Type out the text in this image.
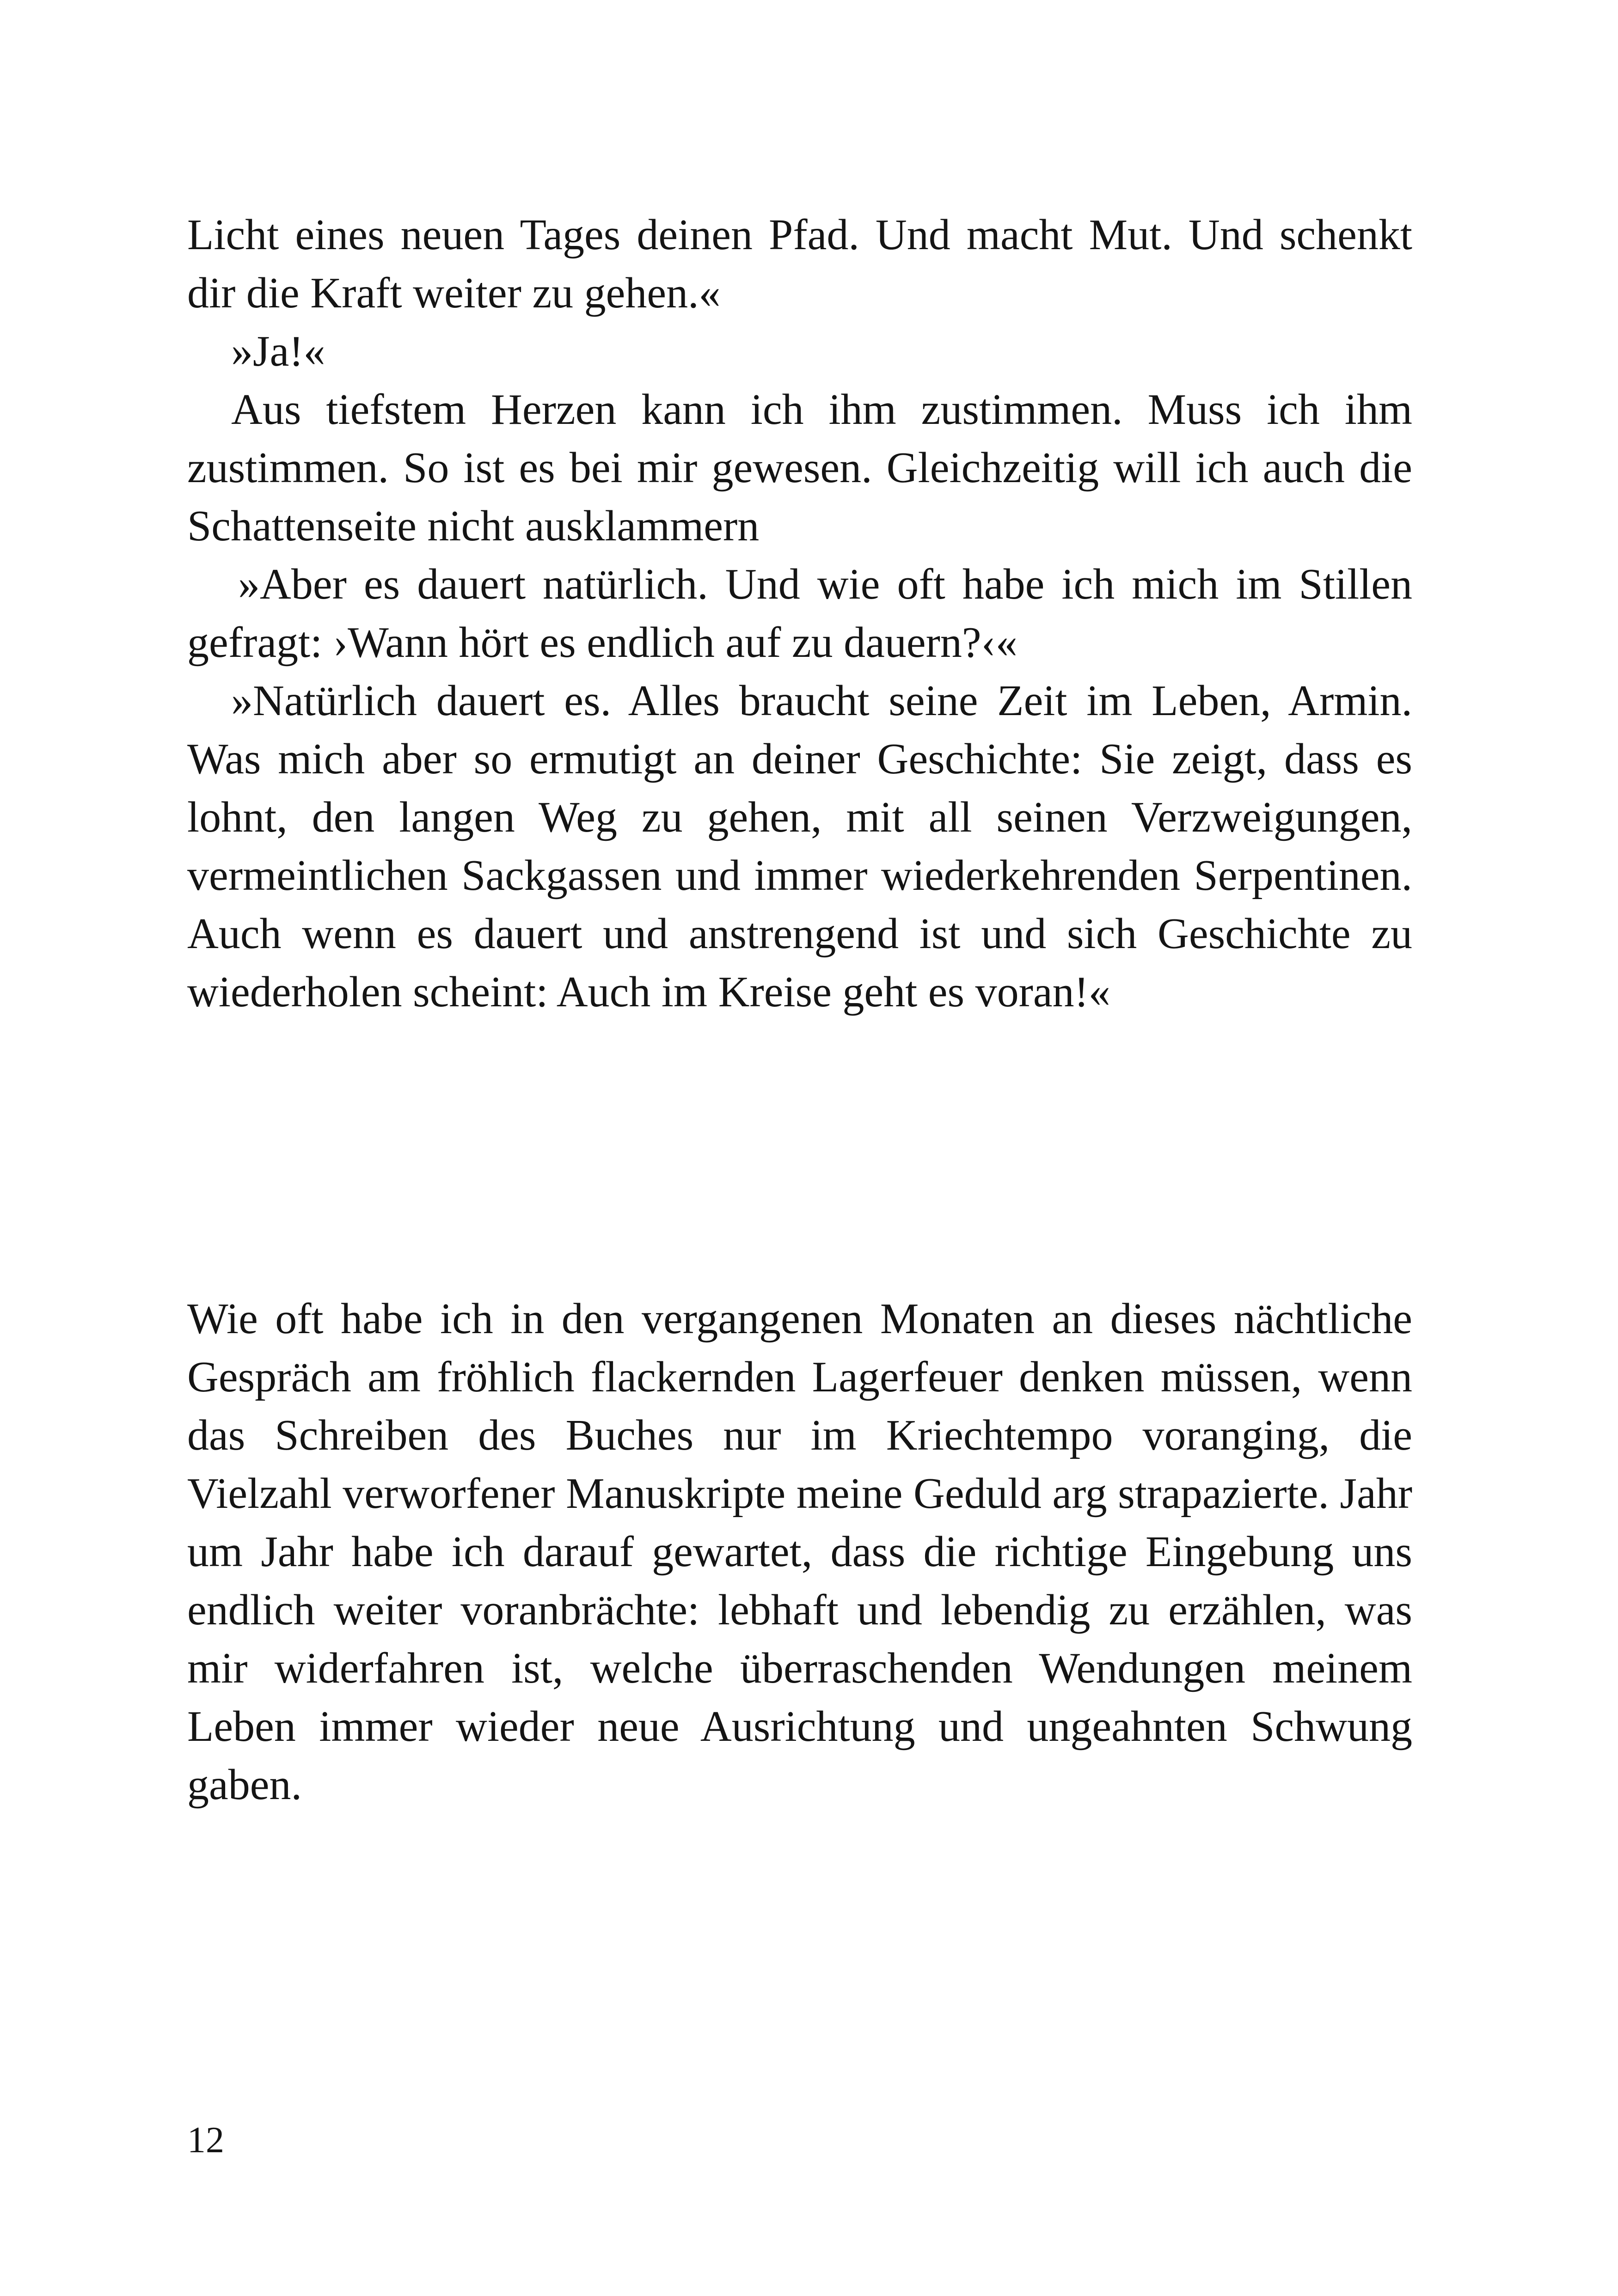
Licht eines neuen Tages deinen Pfad. Und macht Mut. Und schenkt dir die Kraft weiter zu gehen.«

»Ja!«

Aus tiefstem Herzen kann ich ihm zustimmen. Muss ich ihm zustimmen. So ist es bei mir gewesen. Gleichzeitig will ich auch die Schattenseite nicht ausklammern

»Aber es dauert natürlich. Und wie oft habe ich mich im Stillen gefragt: ›Wann hört es endlich auf zu dauern?‹«

»Natürlich dauert es. Alles braucht seine Zeit im Leben, Armin. Was mich aber so ermutigt an deiner Geschichte: Sie zeigt, dass es lohnt, den langen Weg zu gehen, mit all seinen Verzweigungen, vermeintlichen Sackgassen und immer wiederkehrenden Serpentinen. Auch wenn es dauert und anstrengend ist und sich Geschichte zu wiederholen scheint: Auch im Kreise geht es voran!«

Wie oft habe ich in den vergangenen Monaten an dieses nächtliche Gespräch am fröhlich flackernden Lagerfeuer denken müssen, wenn das Schreiben des Buches nur im Kriechtempo voranging, die Vielzahl verworfener Manuskripte meine Geduld arg strapazierte. Jahr um Jahr habe ich darauf gewartet, dass die richtige Eingebung uns endlich weiter voranbrächte: lebhaft und lebendig zu erzählen, was mir widerfahren ist, welche überraschenden Wendungen meinem Leben immer wieder neue Ausrichtung und ungeahnten Schwung gaben.

12
